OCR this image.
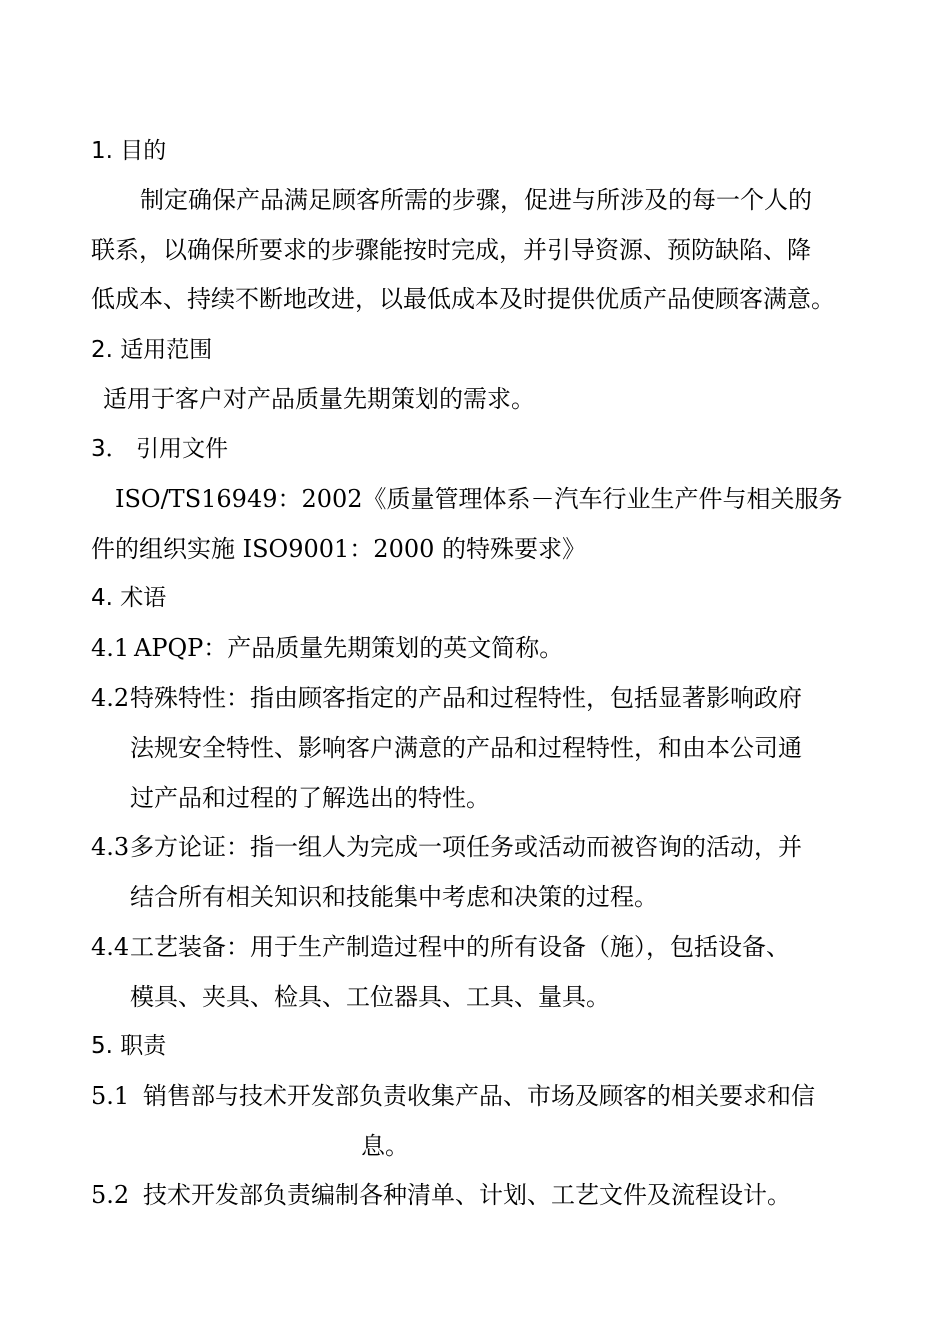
1. 目的
制定确保产品满足顾客所需的步骤，促进与所涉及的每一个人的
联系，以确保所要求的步骤能按时完成，并引导资源、预防缺陷、降
低成本、持续不断地改进，以最低成本及时提供优质产品使顾客满意。
2. 适用范围
适用于客户对产品质量先期策划的需求。
3． 引用文件
ISO/TS16949：2002《质量管理体系－汽车行业生产件与相关服务
件的组织实施 ISO9001：2000 的特殊要求》
4. 术语
4.1 APQP：产品质量先期策划的英文简称。
4.2 特殊特性：指由顾客指定的产品和过程特性，包括显著影响政府
法规安全特性、影响客户满意的产品和过程特性，和由本公司通
过产品和过程的了解选出的特性。
4.3 多方论证：指一组人为完成一项任务或活动而被咨询的活动，并
结合所有相关知识和技能集中考虑和决策的过程。
4.4 工艺装备：用于生产制造过程中的所有设备（施），包括设备、
模具、夹具、检具、工位器具、工具、量具。
5. 职责
5.1 销售部与技术开发部负责收集产品、市场及顾客的相关要求和信
息。
5.2 技术开发部负责编制各种清单、计划、工艺文件及流程设计。
